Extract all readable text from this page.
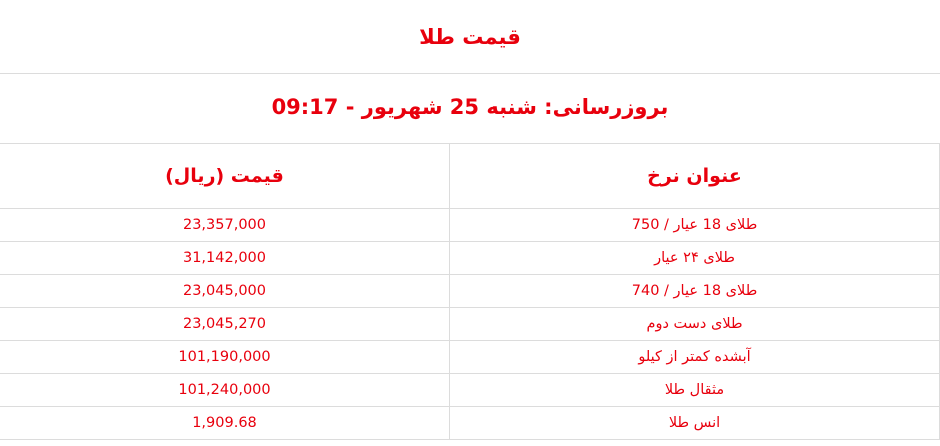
قیمت طلا
بروزرسانی: شنبه 25 شهریور - 09:17
عنوان نرخ	قیمت (ریال)
طلای 18 عیار / 750	23,357,000
طلای ۲۴ عیار	31,142,000
طلای 18 عیار / 740	23,045,000
طلای دست دوم	23,045,270
آبشده کمتر از کیلو	101,190,000
مثقال طلا	101,240,000
انس طلا	1,909.68
